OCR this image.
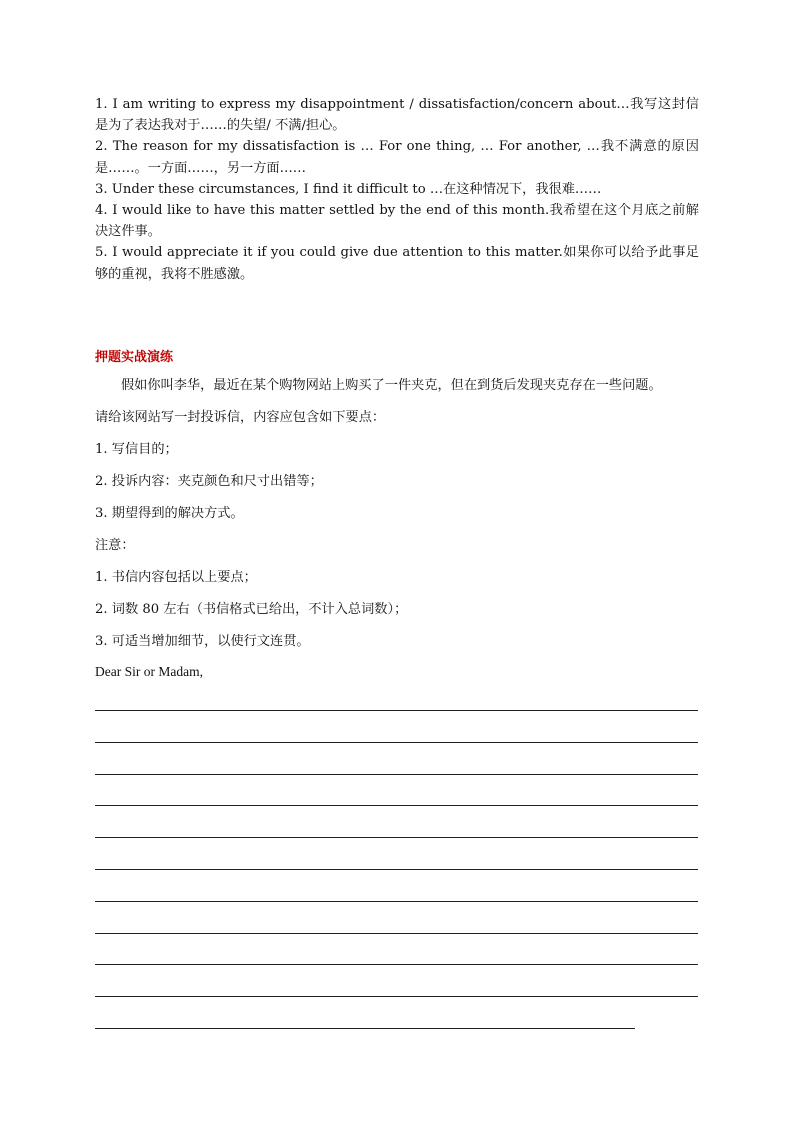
1. I am writing to express my disappointment / dissatisfaction/concern about…我写这封信是为了表达我对于……的失望/ 不满/担心。

2. The reason for my dissatisfaction is … For one thing, … For another, …我不满意的原因是……。一方面……，另一方面……

3. Under these circumstances, I find it difficult to …在这种情况下，我很难……

4. I would like to have this matter settled by the end of this month.我希望在这个月底之前解决这件事。

5. I would appreciate it if you could give due attention to this matter.如果你可以给予此事足够的重视，我将不胜感激。

押题实战演练

假如你叫李华，最近在某个购物网站上购买了一件夹克，但在到货后发现夹克存在一些问题。

请给该网站写一封投诉信，内容应包含如下要点：

1. 写信目的；

2. 投诉内容：夹克颜色和尺寸出错等；

3. 期望得到的解决方式。

注意：

1. 书信内容包括以上要点；

2. 词数 80 左右（书信格式已给出，不计入总词数）；

3. 可适当增加细节，以使行文连贯。

Dear Sir or Madam,
